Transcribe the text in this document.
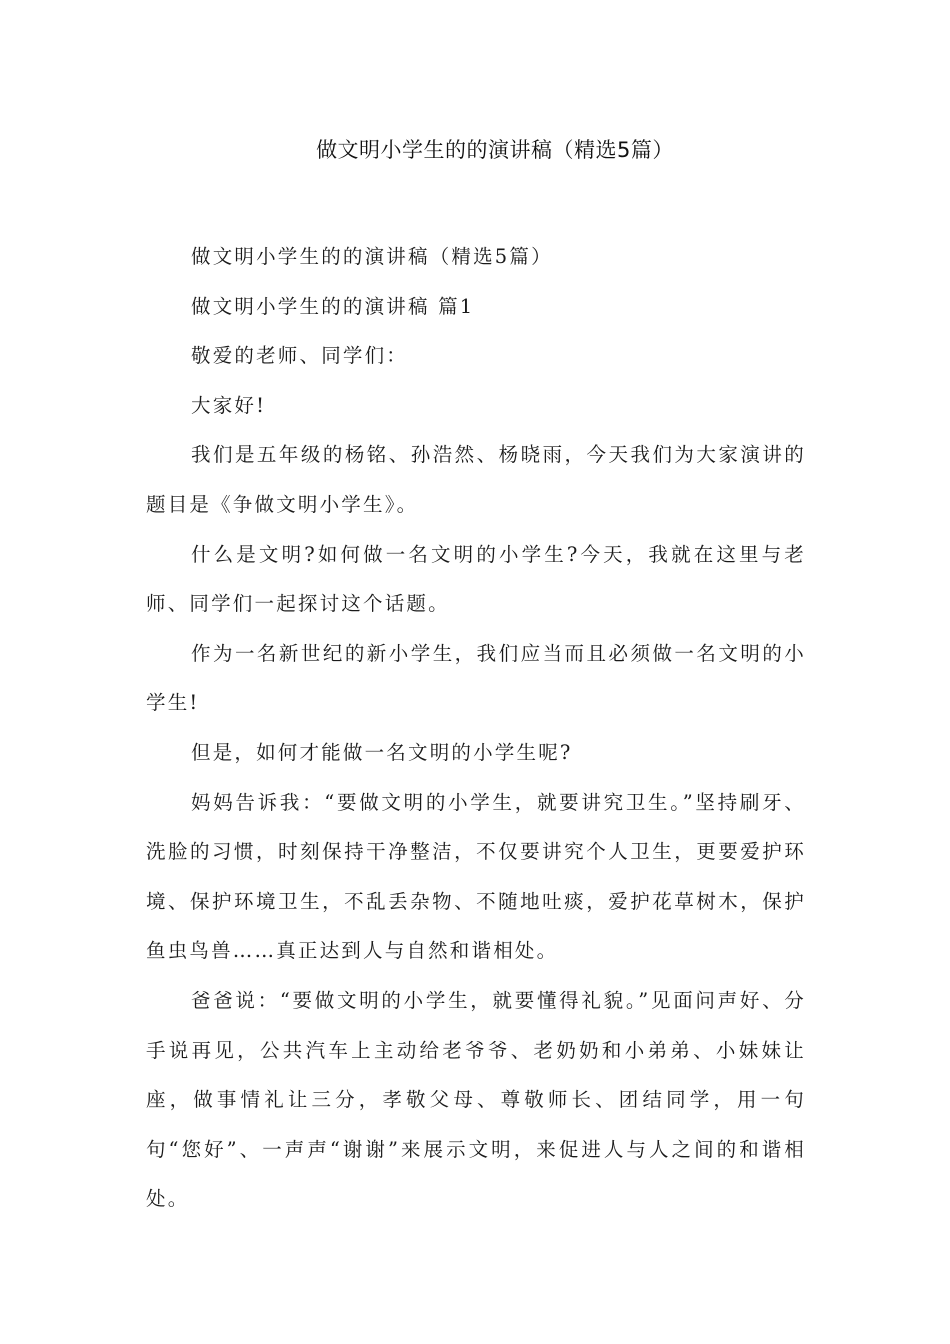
做文明小学生的的演讲稿（精选5篇）

做文明小学生的的演讲稿（精选5篇）

做文明小学生的的演讲稿 篇1

敬爱的老师、同学们：

大家好!

我们是五年级的杨铭、孙浩然、杨晓雨，今天我们为大家演讲的题目是《争做文明小学生》。

什么是文明?如何做一名文明的小学生?今天，我就在这里与老师、同学们一起探讨这个话题。

作为一名新世纪的新小学生，我们应当而且必须做一名文明的小学生!

但是，如何才能做一名文明的小学生呢?

妈妈告诉我：“要做文明的小学生，就要讲究卫生。”坚持刷牙、洗脸的习惯，时刻保持干净整洁，不仅要讲究个人卫生，更要爱护环境、保护环境卫生，不乱丢杂物、不随地吐痰，爱护花草树木，保护鱼虫鸟兽……真正达到人与自然和谐相处。

爸爸说：“要做文明的小学生，就要懂得礼貌。”见面问声好、分手说再见，公共汽车上主动给老爷爷、老奶奶和小弟弟、小妹妹让座，做事情礼让三分，孝敬父母、尊敬师长、团结同学，用一句句“您好”、一声声“谢谢”来展示文明，来促进人与人之间的和谐相处。
